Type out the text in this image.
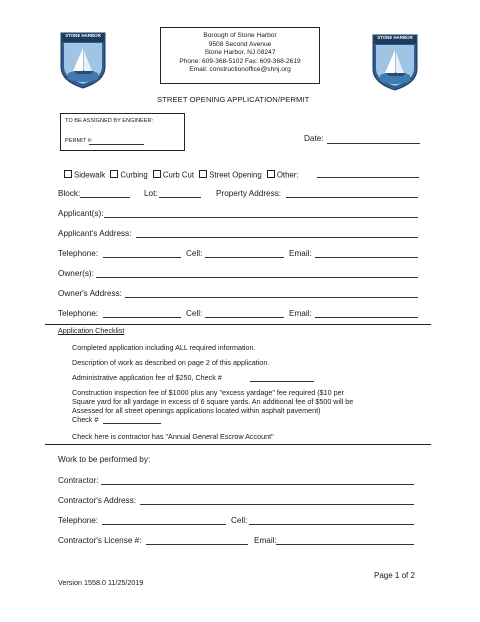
STONE HARBOR	STONE HARBOR
Borough of Stone Harbor
9508 Second Avenue
Stone Harbor, NJ 08247
Phone: 609-368-5102 Fax: 609-368-2619
Email: constructionoffice@shnj.org
STREET OPENING APPLICATION/PERMIT
TO BE ASSIGNED BY ENGINEER:
PERMIT #:	Date:
Sidewalk Curbing Curb Cut Street Opening Other:
Block:	Lot:	Property Address:
Applicant(s):
Applicant's Address:
Telephone:	Cell:	Email:
Owner(s):
Owner's Address:
Telephone:	Cell:	Email:
Application Checklist
Completed application including ALL required information.
Description of work as described on page 2 of this application.
Administrative application fee of $250, Check #
Construction inspection fee of $1000 plus any "excess yardage" fee required ($10 per
Square yard for all yardage in excess of 6 square yards. An additional fee of $500 will be
Assessed for all street openings applications located within asphalt pavement)
Check #
Check here is contractor has "Annual General Escrow Account"
Work to be performed by:
Contractor:
Contractor's Address:
Telephone:	Cell:
Contractor's License #:	Email:
Version 1558.0 11/25/2019
Page 1 of 2
